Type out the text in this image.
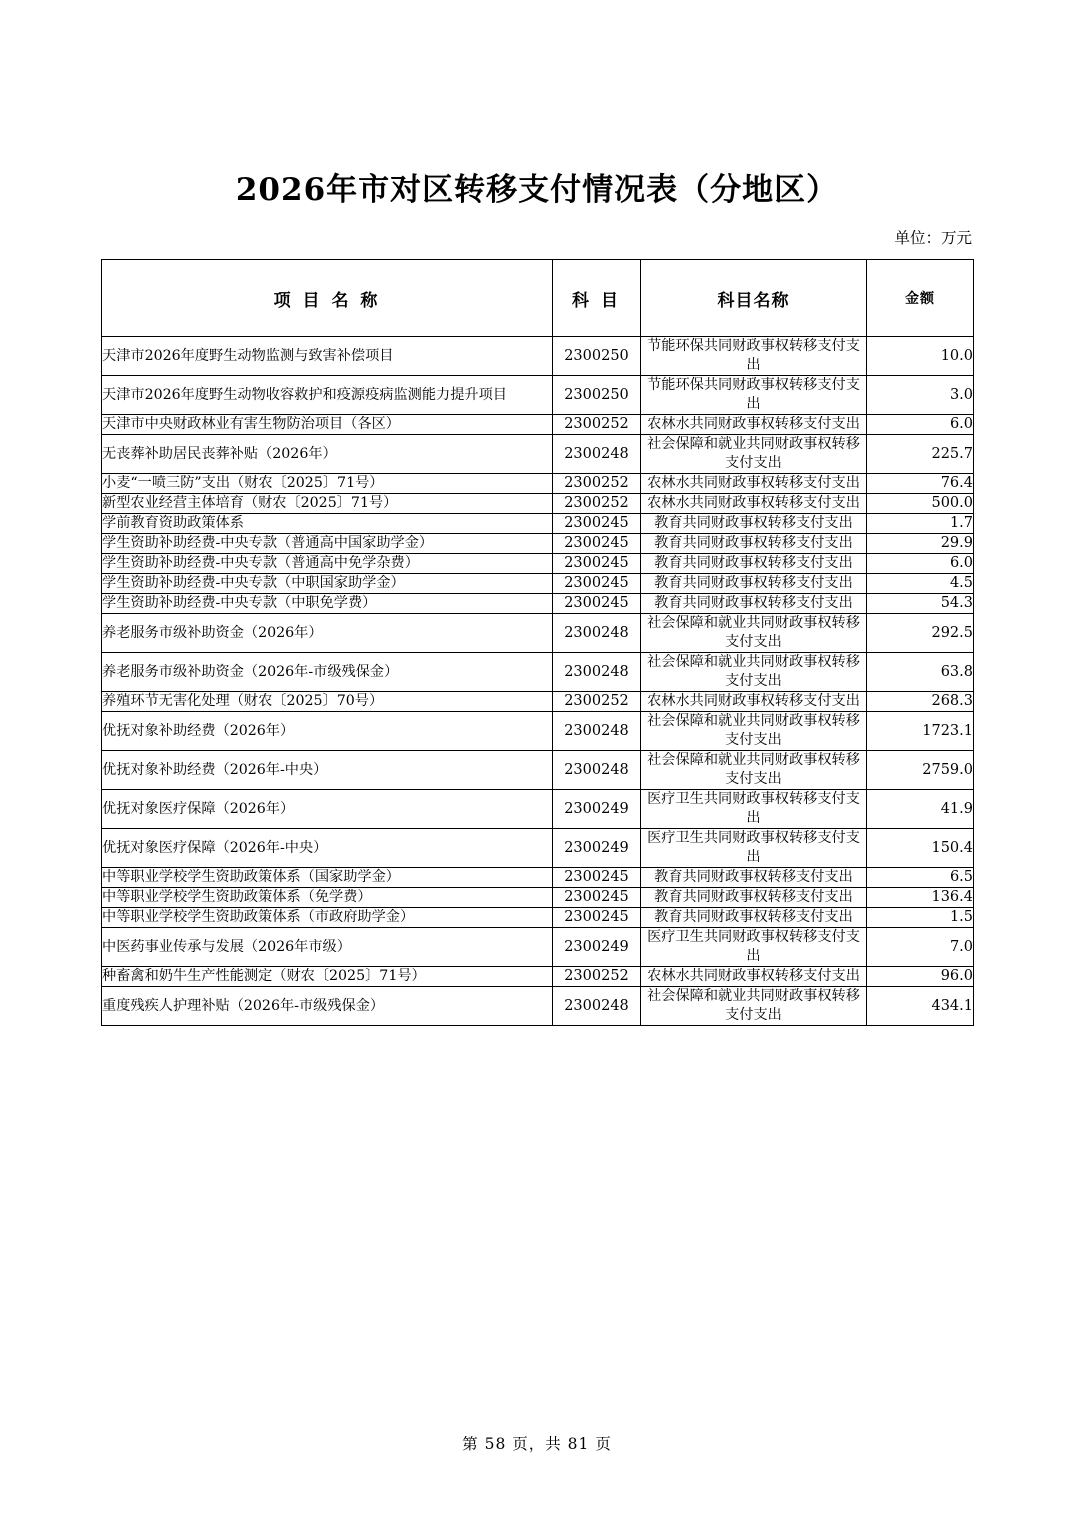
2026年市对区转移支付情况表（分地区）
单位：万元
项 目 名 称	科 目	科目名称	金额
天津市2026年度野生动物监测与致害补偿项目	2300250	节能环保共同财政事权转移支付支出	10.0
天津市2026年度野生动物收容救护和疫源疫病监测能力提升项目	2300250	节能环保共同财政事权转移支付支出	3.0
天津市中央财政林业有害生物防治项目（各区）	2300252	农林水共同财政事权转移支付支出	6.0
无丧葬补助居民丧葬补贴（2026年）	2300248	社会保障和就业共同财政事权转移支付支出	225.7
小麦“一喷三防”支出（财农〔2025〕71号）	2300252	农林水共同财政事权转移支付支出	76.4
新型农业经营主体培育（财农〔2025〕71号）	2300252	农林水共同财政事权转移支付支出	500.0
学前教育资助政策体系	2300245	教育共同财政事权转移支付支出	1.7
学生资助补助经费-中央专款（普通高中国家助学金）	2300245	教育共同财政事权转移支付支出	29.9
学生资助补助经费-中央专款（普通高中免学杂费）	2300245	教育共同财政事权转移支付支出	6.0
学生资助补助经费-中央专款（中职国家助学金）	2300245	教育共同财政事权转移支付支出	4.5
学生资助补助经费-中央专款（中职免学费）	2300245	教育共同财政事权转移支付支出	54.3
养老服务市级补助资金（2026年）	2300248	社会保障和就业共同财政事权转移支付支出	292.5
养老服务市级补助资金（2026年-市级残保金）	2300248	社会保障和就业共同财政事权转移支付支出	63.8
养殖环节无害化处理（财农〔2025〕70号）	2300252	农林水共同财政事权转移支付支出	268.3
优抚对象补助经费（2026年）	2300248	社会保障和就业共同财政事权转移支付支出	1723.1
优抚对象补助经费（2026年-中央）	2300248	社会保障和就业共同财政事权转移支付支出	2759.0
优抚对象医疗保障（2026年）	2300249	医疗卫生共同财政事权转移支付支出	41.9
优抚对象医疗保障（2026年-中央）	2300249	医疗卫生共同财政事权转移支付支出	150.4
中等职业学校学生资助政策体系（国家助学金）	2300245	教育共同财政事权转移支付支出	6.5
中等职业学校学生资助政策体系（免学费）	2300245	教育共同财政事权转移支付支出	136.4
中等职业学校学生资助政策体系（市政府助学金）	2300245	教育共同财政事权转移支付支出	1.5
中医药事业传承与发展（2026年市级）	2300249	医疗卫生共同财政事权转移支付支出	7.0
种畜禽和奶牛生产性能测定（财农〔2025〕71号）	2300252	农林水共同财政事权转移支付支出	96.0
重度残疾人护理补贴（2026年-市级残保金）	2300248	社会保障和就业共同财政事权转移支付支出	434.1
第 58 页，共 81 页
